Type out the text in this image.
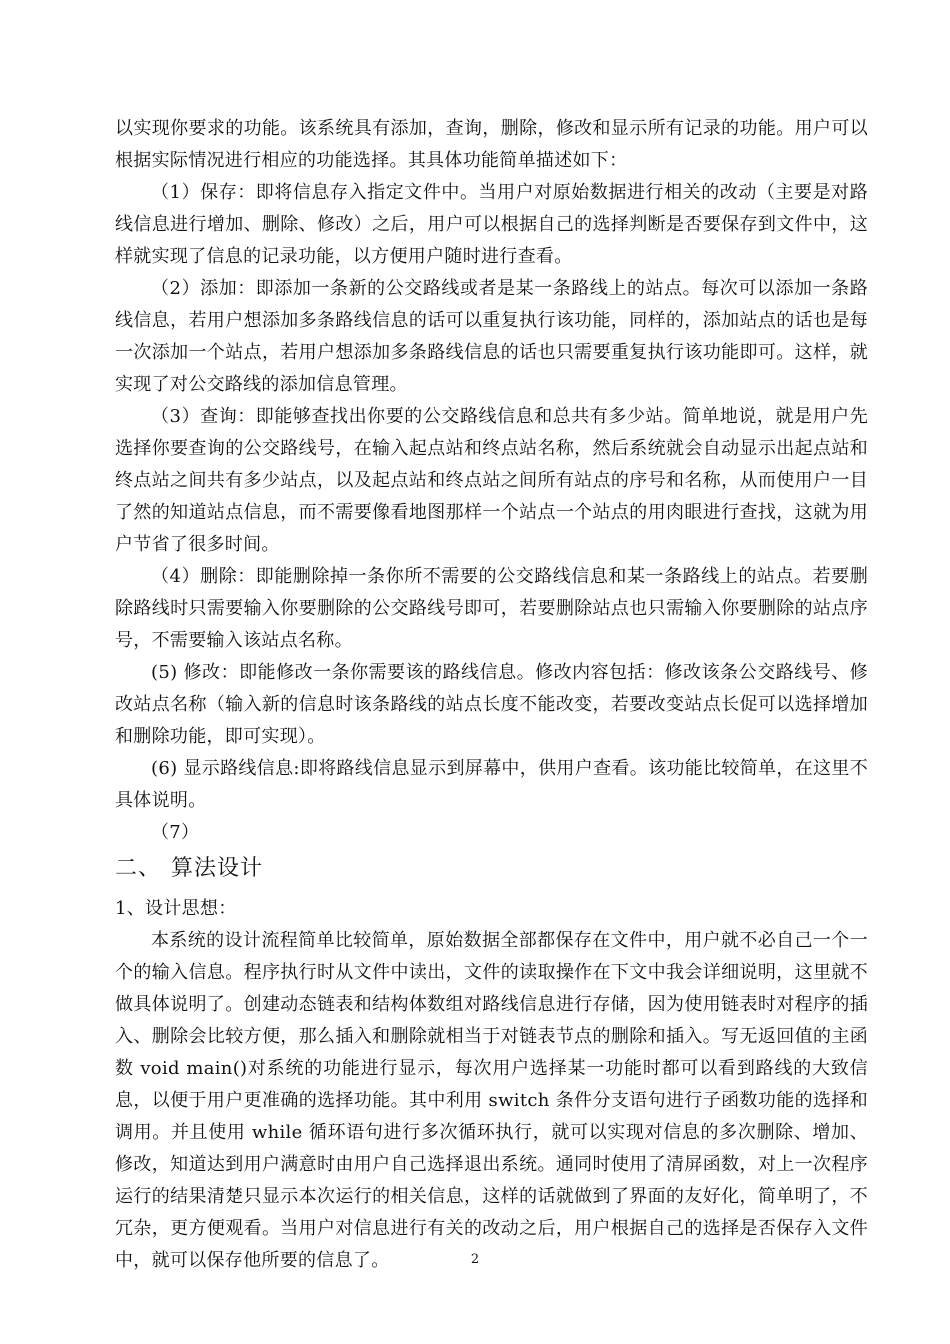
以实现你要求的功能。该系统具有添加，查询，删除，修改和显示所有记录的功能。用户可以根据实际情况进行相应的功能选择。其具体功能简单描述如下：

（1）保存：即将信息存入指定文件中。当用户对原始数据进行相关的改动（主要是对路线信息进行增加、删除、修改）之后，用户可以根据自己的选择判断是否要保存到文件中，这样就实现了信息的记录功能，以方便用户随时进行查看。

（2）添加：即添加一条新的公交路线或者是某一条路线上的站点。每次可以添加一条路线信息，若用户想添加多条路线信息的话可以重复执行该功能，同样的，添加站点的话也是每一次添加一个站点，若用户想添加多条路线信息的话也只需要重复执行该功能即可。这样，就实现了对公交路线的添加信息管理。

（3）查询：即能够查找出你要的公交路线信息和总共有多少站。简单地说，就是用户先选择你要查询的公交路线号，在输入起点站和终点站名称，然后系统就会自动显示出起点站和终点站之间共有多少站点，以及起点站和终点站之间所有站点的序号和名称，从而使用户一目了然的知道站点信息，而不需要像看地图那样一个站点一个站点的用肉眼进行查找，这就为用户节省了很多时间。

（4）删除：即能删除掉一条你所不需要的公交路线信息和某一条路线上的站点。若要删除路线时只需要输入你要删除的公交路线号即可，若要删除站点也只需输入你要删除的站点序号，不需要输入该站点名称。

(5) 修改：即能修改一条你需要该的路线信息。修改内容包括：修改该条公交路线号、修改站点名称（输入新的信息时该条路线的站点长度不能改变，若要改变站点长促可以选择增加和删除功能，即可实现）。

(6) 显示路线信息:即将路线信息显示到屏幕中，供用户查看。该功能比较简单，在这里不具体说明。

（7）

二、 算法设计

1、设计思想：

本系统的设计流程简单比较简单，原始数据全部都保存在文件中，用户就不必自己一个一个的输入信息。程序执行时从文件中读出，文件的读取操作在下文中我会详细说明，这里就不做具体说明了。创建动态链表和结构体数组对路线信息进行存储，因为使用链表时对程序的插入、删除会比较方便，那么插入和删除就相当于对链表节点的删除和插入。写无返回值的主函数 void main()对系统的功能进行显示，每次用户选择某一功能时都可以看到路线的大致信息，以便于用户更准确的选择功能。其中利用 switch 条件分支语句进行子函数功能的选择和调用。并且使用 while 循环语句进行多次循环执行，就可以实现对信息的多次删除、增加、修改，知道达到用户满意时由用户自己选择退出系统。通同时使用了清屏函数，对上一次程序运行的结果清楚只显示本次运行的相关信息，这样的话就做到了界面的友好化，简单明了，不冗杂，更方便观看。当用户对信息进行有关的改动之后，用户根据自己的选择是否保存入文件中，就可以保存他所要的信息了。	2
